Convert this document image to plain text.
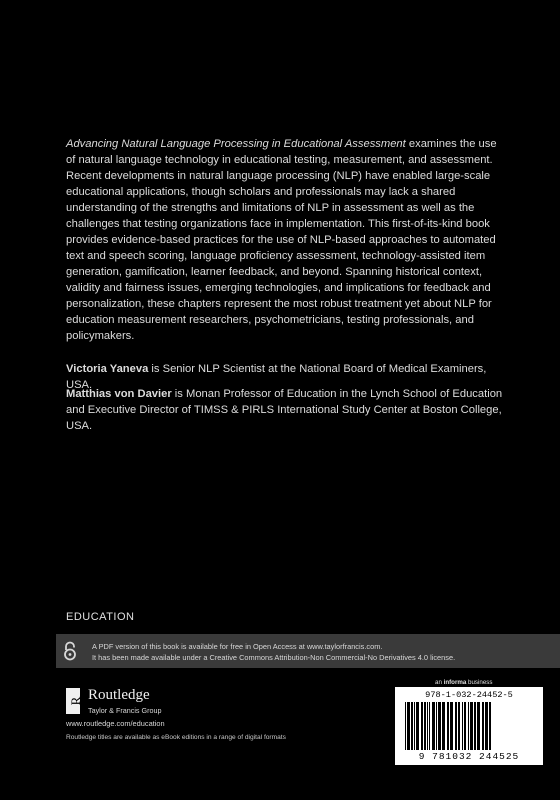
Advancing Natural Language Processing in Educational Assessment examines the use of natural language technology in educational testing, measurement, and assessment. Recent developments in natural language processing (NLP) have enabled large-scale educational applications, though scholars and professionals may lack a shared understanding of the strengths and limitations of NLP in assessment as well as the challenges that testing organizations face in implementation. This first-of-its-kind book provides evidence-based practices for the use of NLP-based approaches to automated text and speech scoring, language proficiency assessment, technology-assisted item generation, gamification, learner feedback, and beyond. Spanning historical context, validity and fairness issues, emerging technologies, and implications for feedback and personalization, these chapters represent the most robust treatment yet about NLP for education measurement researchers, psychometricians, testing professionals, and policymakers.

Victoria Yaneva is Senior NLP Scientist at the National Board of Medical Examiners, USA.
Matthias von Davier is Monan Professor of Education in the Lynch School of Education and Executive Director of TIMSS & PIRLS International Study Center at Boston College, USA.
EDUCATION
A PDF version of this book is available for free in Open Access at www.taylorfrancis.com.
It has been made available under a Creative Commons Attribution-Non Commercial-No Derivatives 4.0 license.
an informa business
978-1-032-24452-5
9 781032 244525
R Routledge
Taylor & Francis Group
www.routledge.com/education
Routledge titles are available as eBook editions in a range of digital formats
